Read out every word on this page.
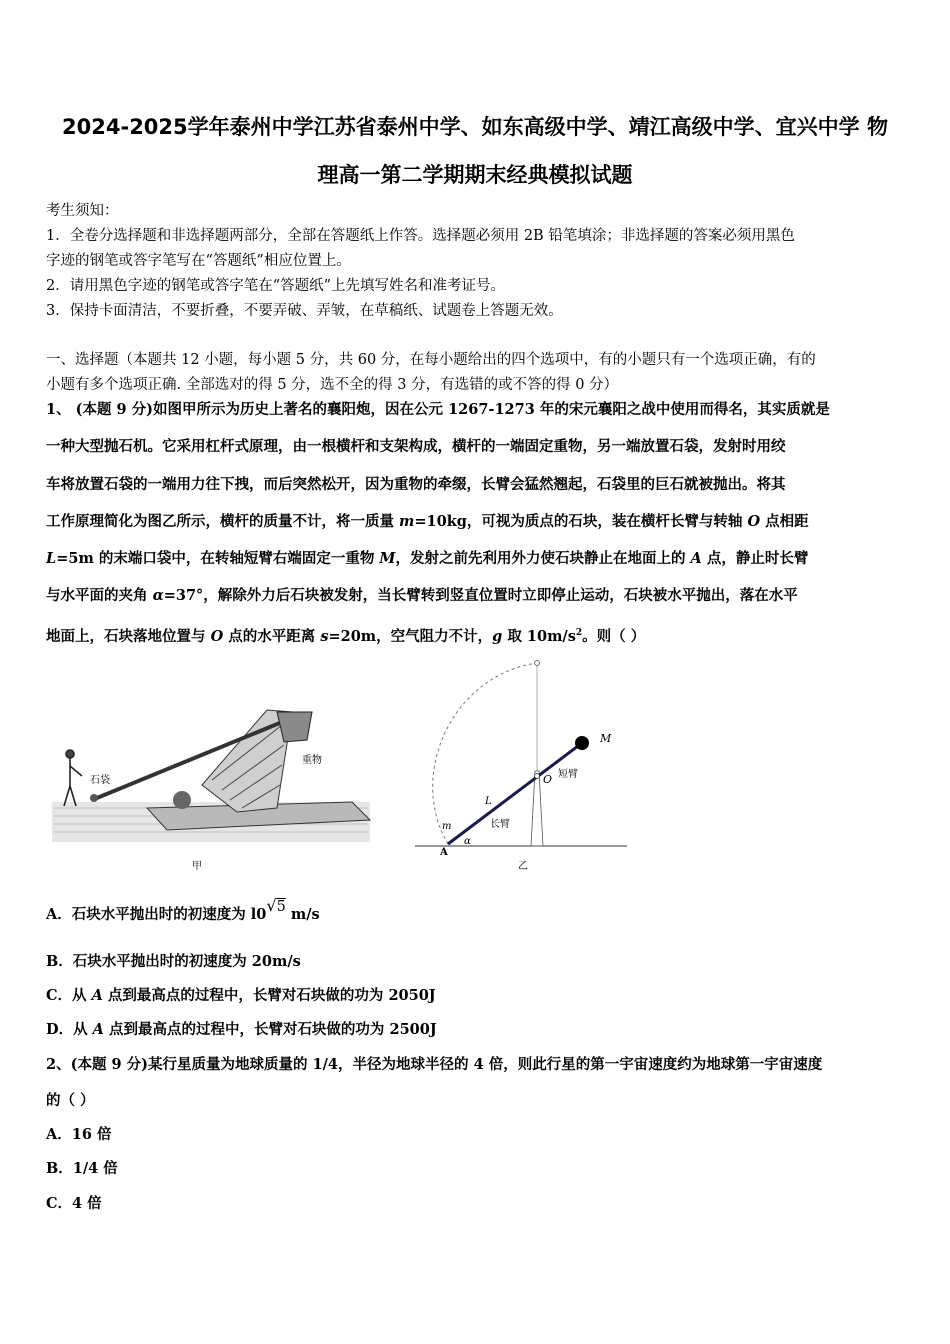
2024-2025学年泰州中学江苏省泰州中学、如东高级中学、靖江高级中学、宜兴中学 物
理高一第二学期期末经典模拟试题
考生须知：
1．全卷分选择题和非选择题两部分，全部在答题纸上作答。选择题必须用 2B 铅笔填涂；非选择题的答案必须用黑色
字迹的钢笔或答字笔写在“答题纸”相应位置上。
2．请用黑色字迹的钢笔或答字笔在“答题纸”上先填写姓名和准考证号。
3．保持卡面清洁，不要折叠，不要弄破、弄皱，在草稿纸、试题卷上答题无效。
一、选择题（本题共 12 小题，每小题 5 分，共 60 分，在每小题给出的四个选项中，有的小题只有一个选项正确，有的
小题有多个选项正确. 全部选对的得 5 分，选不全的得 3 分，有选错的或不答的得 0 分）
1、 (本题 9 分)如图甲所示为历史上著名的襄阳炮，因在公元 1267-1273 年的宋元襄阳之战中使用而得名，其实质就是
一种大型抛石机。它采用杠杆式原理，由一根横杆和支架构成，横杆的一端固定重物，另一端放置石袋，发射时用绞
车将放置石袋的一端用力往下拽，而后突然松开，因为重物的牵缀，长臂会猛然翘起，石袋里的巨石就被抛出。将其
工作原理简化为图乙所示，横杆的质量不计，将一质量 m=10kg，可视为质点的石块，装在横杆长臂与转轴 O 点相距
L=5m 的末端口袋中，在转轴短臂右端固定一重物 M，发射之前先利用外力使石块静止在地面上的 A 点，静止时长臂
与水平面的夹角 α=37°，解除外力后石块被发射，当长臂转到竖直位置时立即停止运动，石块被水平抛出，落在水平
地面上，石块落地位置与 O 点的水平距离 s=20m，空气阻力不计，g 取 $10m/s^2$。则（ ）
石袋
重物
甲
M
O 短臂
L
长臂
m
α
A
乙
A．石块水平抛出时的初速度为 l0√5 m/s
B．石块水平抛出时的初速度为 20m/s
C．从 A 点到最高点的过程中，长臂对石块做的功为 2050J
D．从 A 点到最高点的过程中，长臂对石块做的功为 2500J
2、(本题 9 分)某行星质量为地球质量的 1/4，半径为地球半径的 4 倍，则此行星的第一宇宙速度约为地球第一宇宙速度
的（ ）
A．16 倍
B．1/4 倍
C．4 倍
